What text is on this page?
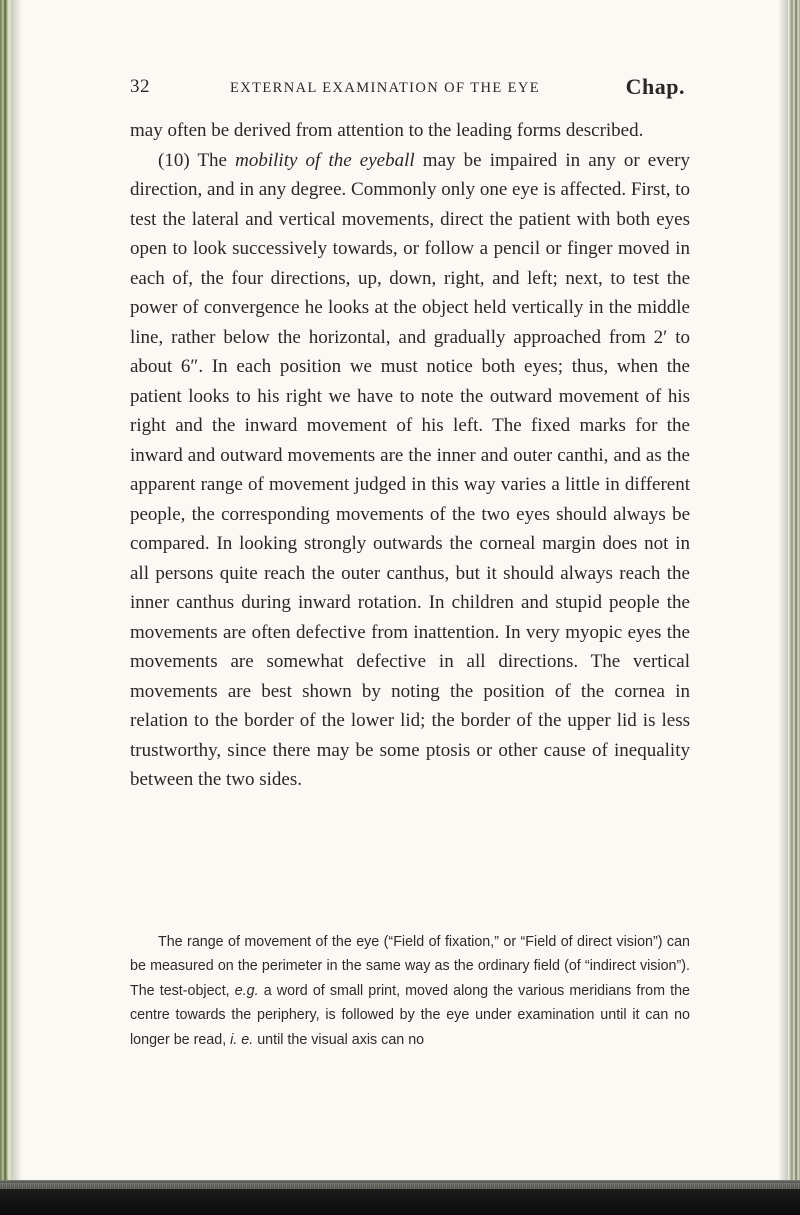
32	EXTERNAL EXAMINATION OF THE EYE	Chap.

may often be derived from attention to the leading forms described.

(10) The mobility of the eyeball may be impaired in any or every direction, and in any degree. Commonly only one eye is affected. First, to test the lateral and vertical movements, direct the patient with both eyes open to look successively towards, or follow a pencil or finger moved in each of, the four directions, up, down, right, and left; next, to test the power of convergence he looks at the object held vertically in the middle line, rather below the horizontal, and gradually approached from 2′ to about 6″. In each position we must notice both eyes; thus, when the patient looks to his right we have to note the outward movement of his right and the inward movement of his left. The fixed marks for the inward and outward movements are the inner and outer canthi, and as the apparent range of movement judged in this way varies a little in different people, the corresponding movements of the two eyes should always be compared. In looking strongly outwards the corneal margin does not in all persons quite reach the outer canthus, but it should always reach the inner canthus during inward rotation. In children and stupid people the movements are often defective from inattention. In very myopic eyes the movements are somewhat defective in all directions. The vertical movements are best shown by noting the position of the cornea in relation to the border of the lower lid; the border of the upper lid is less trustworthy, since there may be some ptosis or other cause of inequality between the two sides.

The range of movement of the eye (“Field of fixation,” or “Field of direct vision”) can be measured on the perimeter in the same way as the ordinary field (of “indirect vision”). The test-object, e.g. a word of small print, moved along the various meridians from the centre towards the periphery, is followed by the eye under examination until it can no longer be read, i. e. until the visual axis can no
